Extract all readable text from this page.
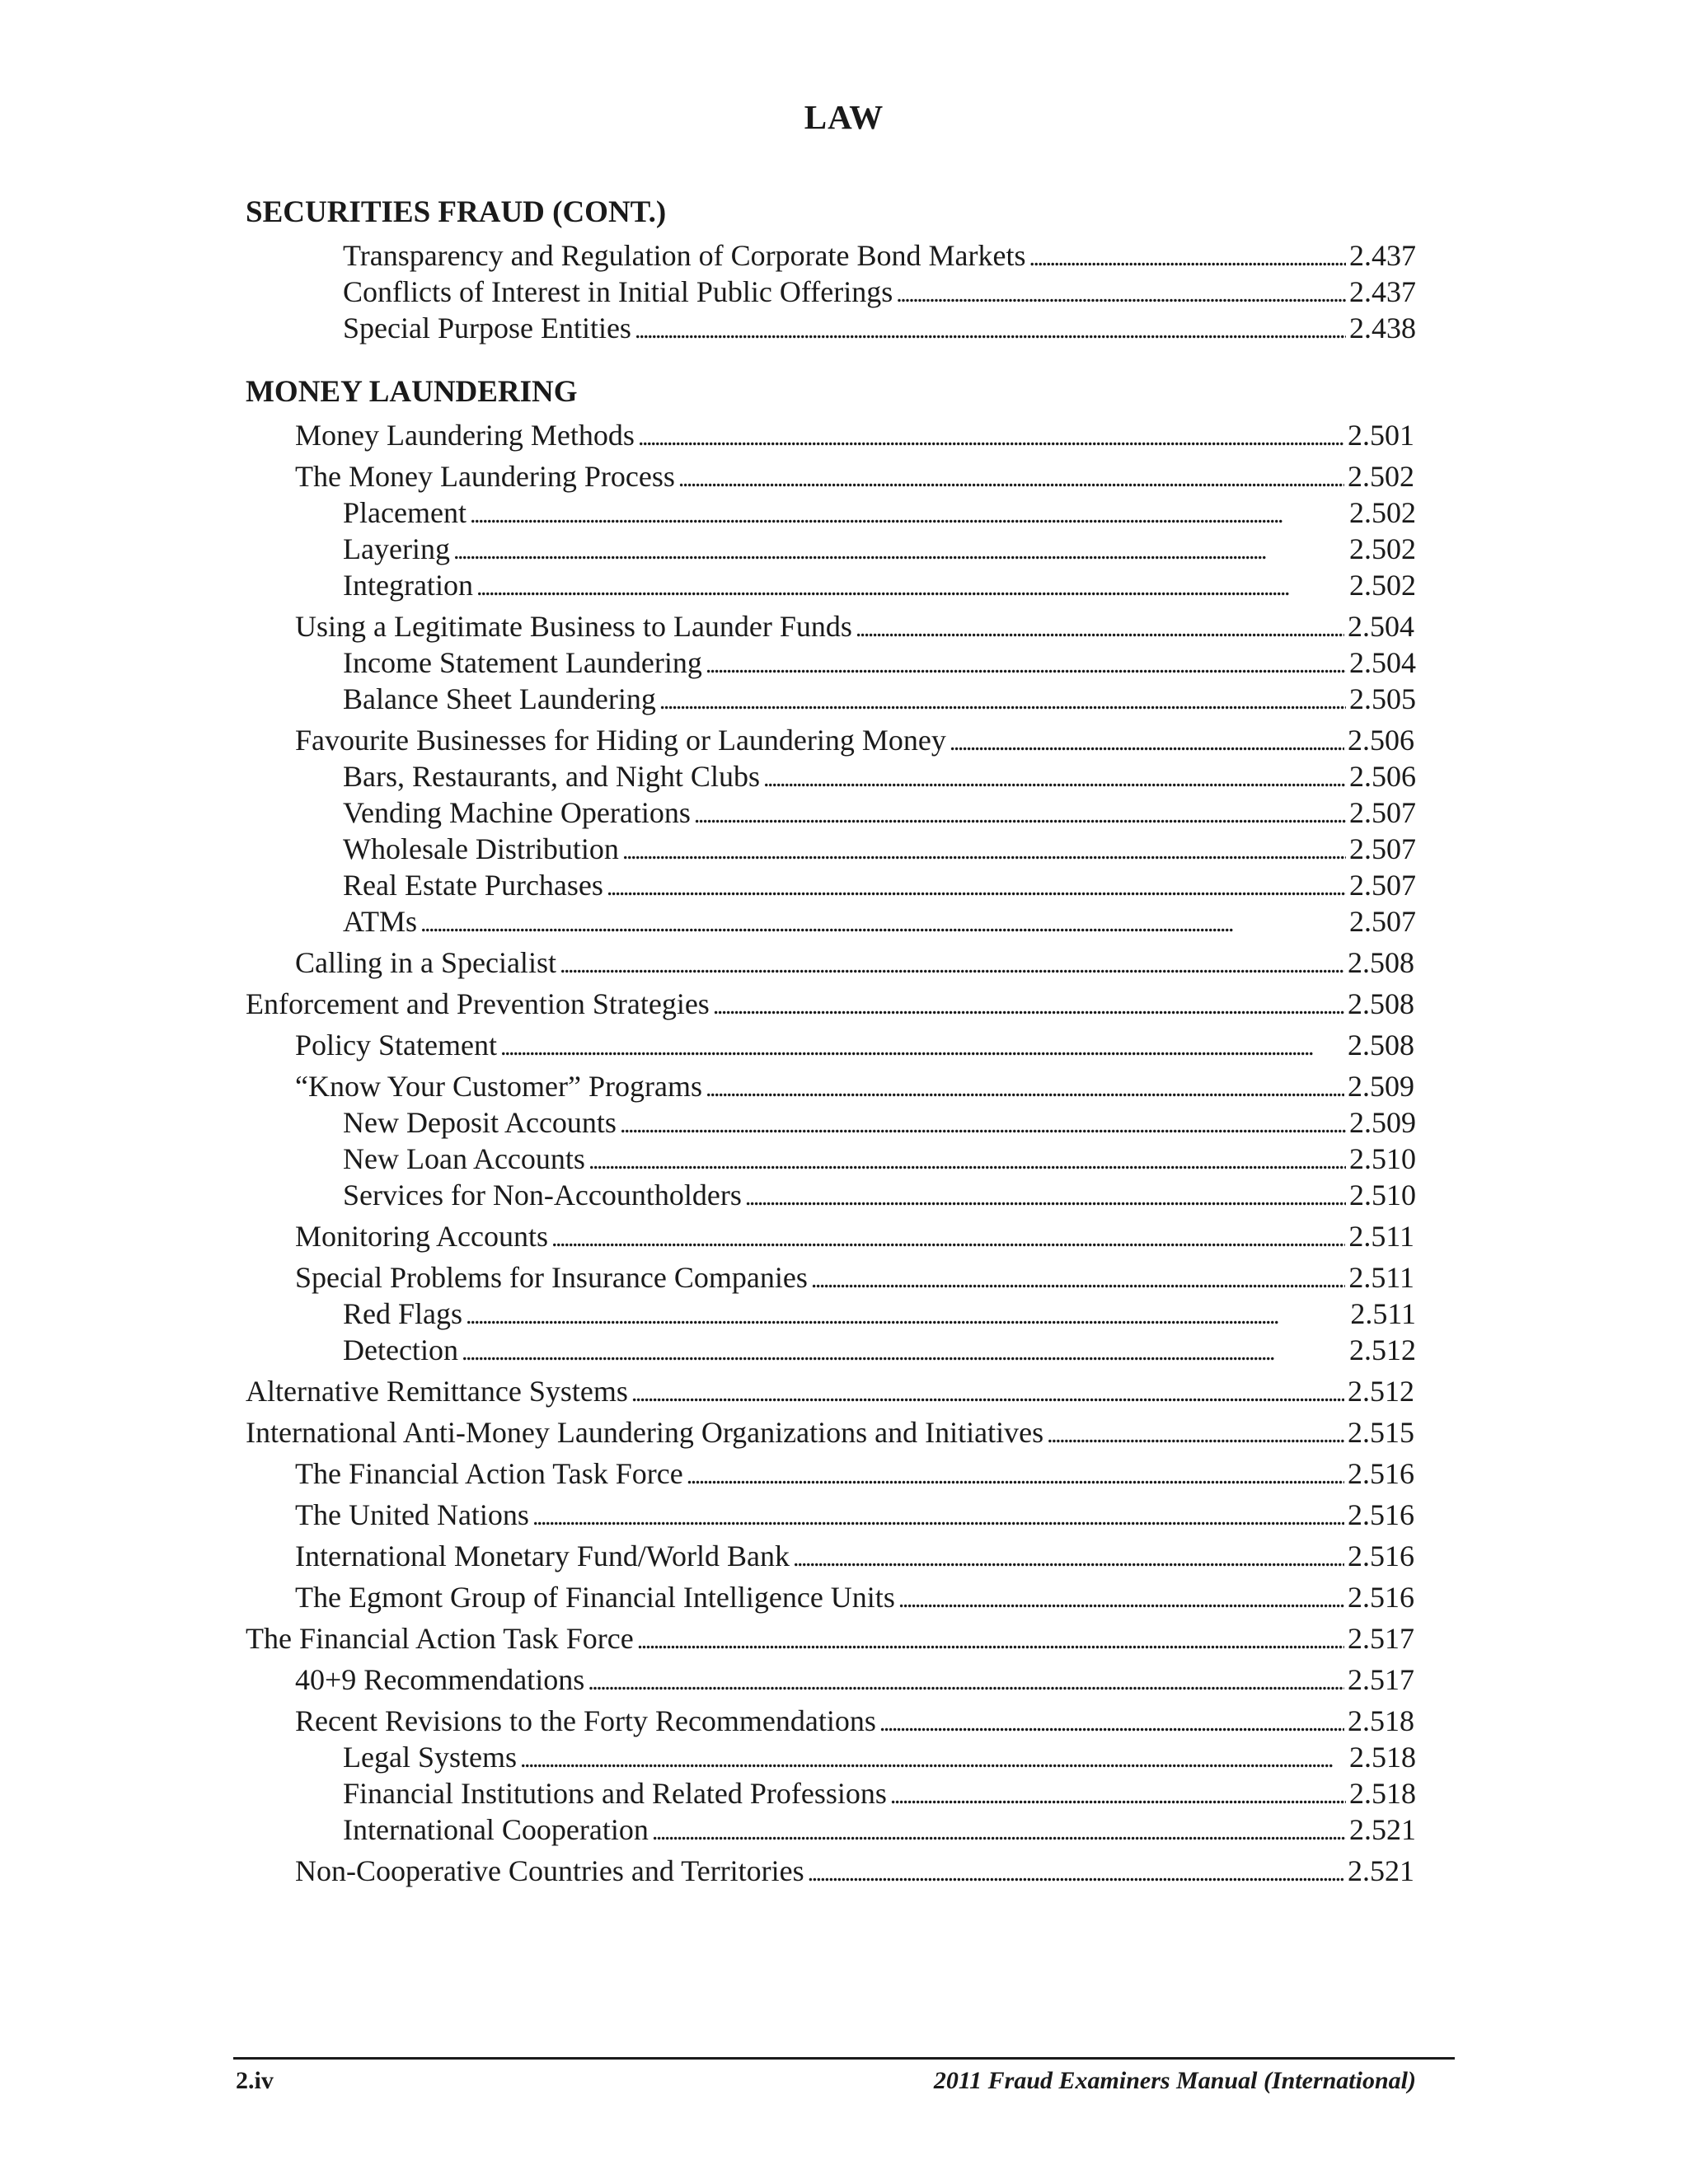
LAW
SECURITIES FRAUD (CONT.)
Transparency and Regulation of Corporate Bond Markets . . .	2.437
Conflicts of Interest in Initial Public Offerings . . .	2.437
Special Purpose Entities . . .	2.438
MONEY LAUNDERING
Money Laundering Methods . . .	2.501
The Money Laundering Process . . .	2.502
Placement . . .	2.502
Layering . . .	2.502
Integration . . .	2.502
Using a Legitimate Business to Launder Funds . . .	2.504
Income Statement Laundering . . .	2.504
Balance Sheet Laundering . . .	2.505
Favourite Businesses for Hiding or Laundering Money . . .	2.506
Bars, Restaurants, and Night Clubs . . .	2.506
Vending Machine Operations . . .	2.507
Wholesale Distribution . . .	2.507
Real Estate Purchases . . .	2.507
ATMs . . .	2.507
Calling in a Specialist . . .	2.508
Enforcement and Prevention Strategies . . .	2.508
Policy Statement . . .	2.508
“Know Your Customer” Programs . . .	2.509
New Deposit Accounts . . .	2.509
New Loan Accounts . . .	2.510
Services for Non-Accountholders . . .	2.510
Monitoring Accounts . . .	2.511
Special Problems for Insurance Companies . . .	2.511
Red Flags . . .	2.511
Detection . . .	2.512
Alternative Remittance Systems . . .	2.512
International Anti-Money Laundering Organizations and Initiatives . . .	2.515
The Financial Action Task Force . . .	2.516
The United Nations . . .	2.516
International Monetary Fund/World Bank . . .	2.516
The Egmont Group of Financial Intelligence Units . . .	2.516
The Financial Action Task Force . . .	2.517
40+9 Recommendations . . .	2.517
Recent Revisions to the Forty Recommendations . . .	2.518
Legal Systems . . .	2.518
Financial Institutions and Related Professions . . .	2.518
International Cooperation . . .	2.521
Non-Cooperative Countries and Territories . . .	2.521
2.iv	2011 Fraud Examiners Manual (International)
